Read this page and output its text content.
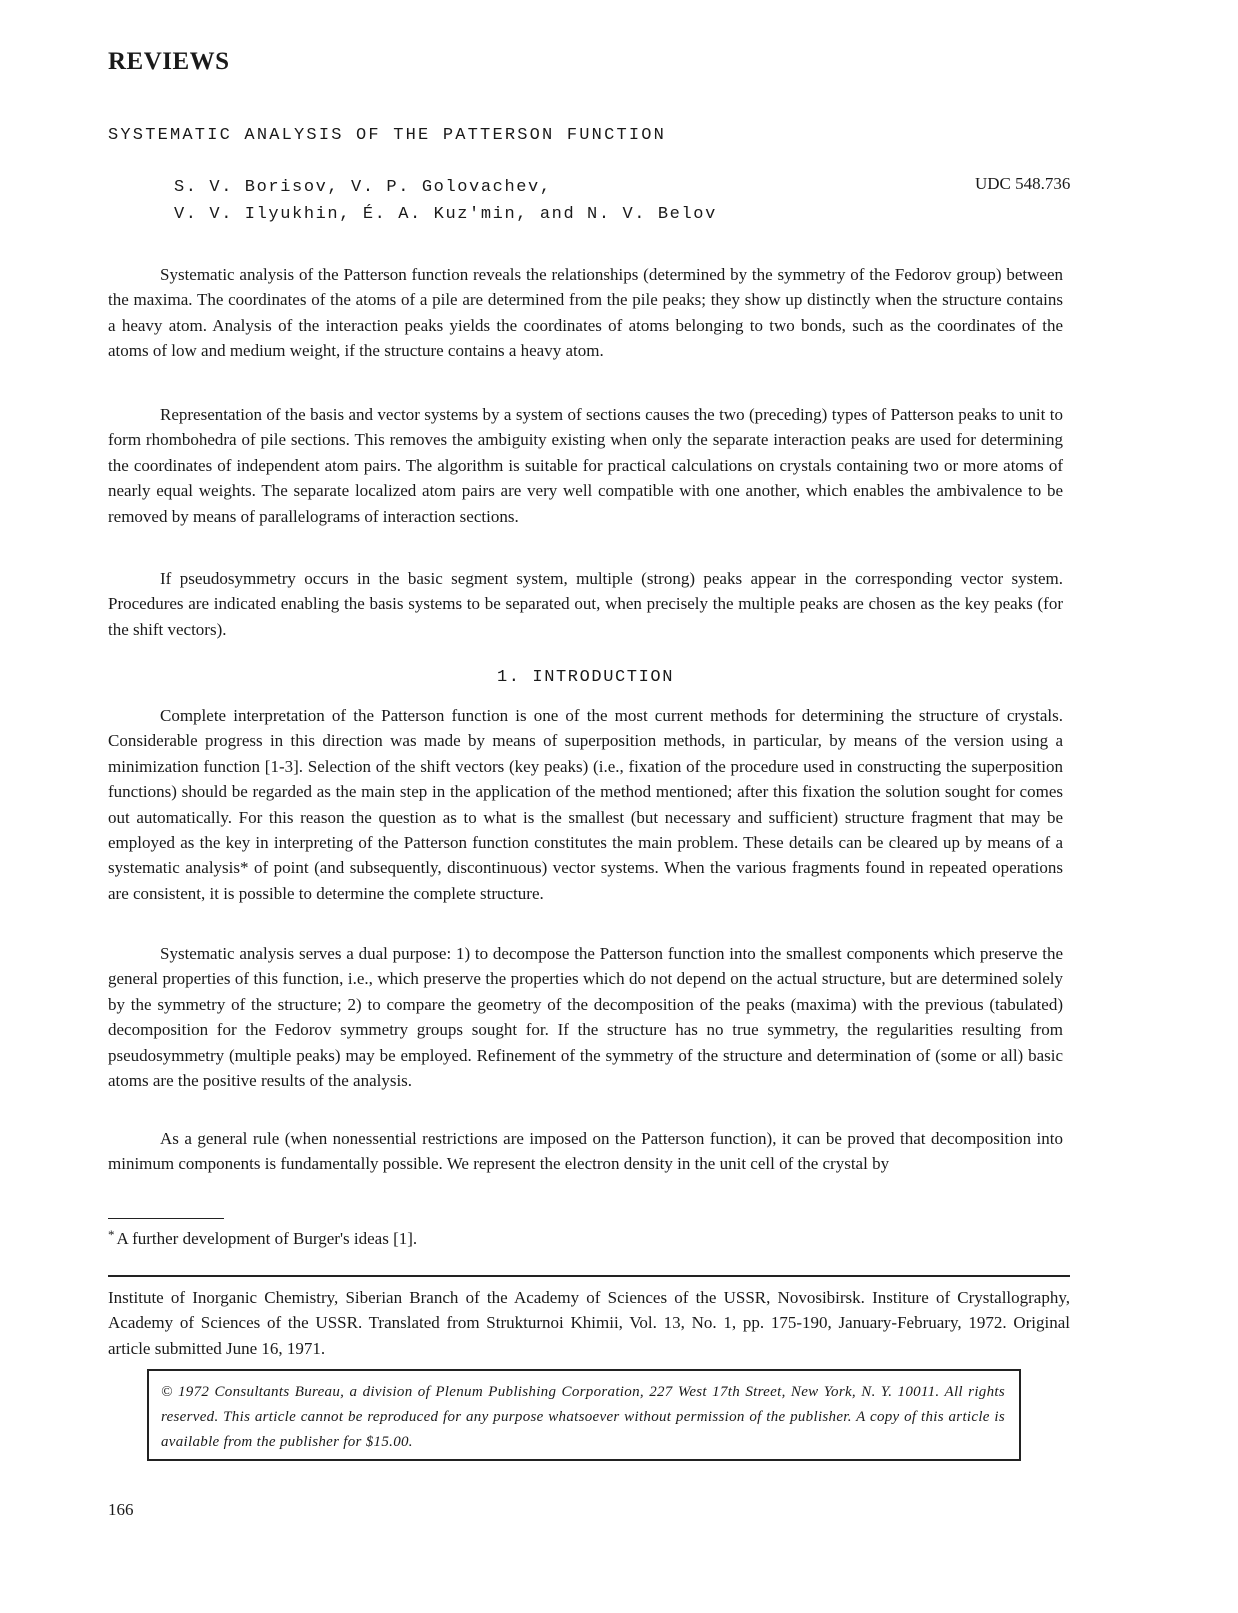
REVIEWS
SYSTEMATIC ANALYSIS OF THE PATTERSON FUNCTION
S. V. Borisov, V. P. Golovachev,
V. V. Ilyukhin, É. A. Kuz'min, and N. V. Belov
UDC 548.736

Systematic analysis of the Patterson function reveals the relationships (determined by the symmetry of the Fedorov group) between the maxima. The coordinates of the atoms of a pile are determined from the pile peaks; they show up distinctly when the structure contains a heavy atom. Analysis of the interaction peaks yields the coordinates of atoms belonging to two bonds, such as the coordinates of the atoms of low and medium weight, if the structure contains a heavy atom.

Representation of the basis and vector systems by a system of sections causes the two (preceding) types of Patterson peaks to unit to form rhombohedra of pile sections. This removes the ambiguity existing when only the separate interaction peaks are used for determining the coordinates of independent atom pairs. The algorithm is suitable for practical calculations on crystals containing two or more atoms of nearly equal weights. The separate localized atom pairs are very well compatible with one another, which enables the ambivalence to be removed by means of parallelograms of interaction sections.

If pseudosymmetry occurs in the basic segment system, multiple (strong) peaks appear in the corresponding vector system. Procedures are indicated enabling the basis systems to be separated out, when precisely the multiple peaks are chosen as the key peaks (for the shift vectors).

1. INTRODUCTION

Complete interpretation of the Patterson function is one of the most current methods for determining the structure of crystals. Considerable progress in this direction was made by means of superposition methods, in particular, by means of the version using a minimization function [1-3]. Selection of the shift vectors (key peaks) (i.e., fixation of the procedure used in constructing the superposition functions) should be regarded as the main step in the application of the method mentioned; after this fixation the solution sought for comes out automatically. For this reason the question as to what is the smallest (but necessary and sufficient) structure fragment that may be employed as the key in interpreting of the Patterson function constitutes the main problem. These details can be cleared up by means of a systematic analysis* of point (and subsequently, discontinuous) vector systems. When the various fragments found in repeated operations are consistent, it is possible to determine the complete structure.

Systematic analysis serves a dual purpose: 1) to decompose the Patterson function into the smallest components which preserve the general properties of this function, i.e., which preserve the properties which do not depend on the actual structure, but are determined solely by the symmetry of the structure; 2) to compare the geometry of the decomposition of the peaks (maxima) with the previous (tabulated) decomposition for the Fedorov symmetry groups sought for. If the structure has no true symmetry, the regularities resulting from pseudosymmetry (multiple peaks) may be employed. Refinement of the symmetry of the structure and determination of (some or all) basic atoms are the positive results of the analysis.

As a general rule (when nonessential restrictions are imposed on the Patterson function), it can be proved that decomposition into minimum components is fundamentally possible. We represent the electron density in the unit cell of the crystal by

* A further development of Burger's ideas [1].
Institute of Inorganic Chemistry, Siberian Branch of the Academy of Sciences of the USSR, Novosibirsk. Institure of Crystallography, Academy of Sciences of the USSR. Translated from Strukturnoi Khimii, Vol. 13, No. 1, pp. 175-190, January-February, 1972. Original article submitted June 16, 1971.
© 1972 Consultants Bureau, a division of Plenum Publishing Corporation, 227 West 17th Street, New York, N. Y. 10011. All rights reserved. This article cannot be reproduced for any purpose whatsoever without permission of the publisher. A copy of this article is available from the publisher for $15.00.
166
